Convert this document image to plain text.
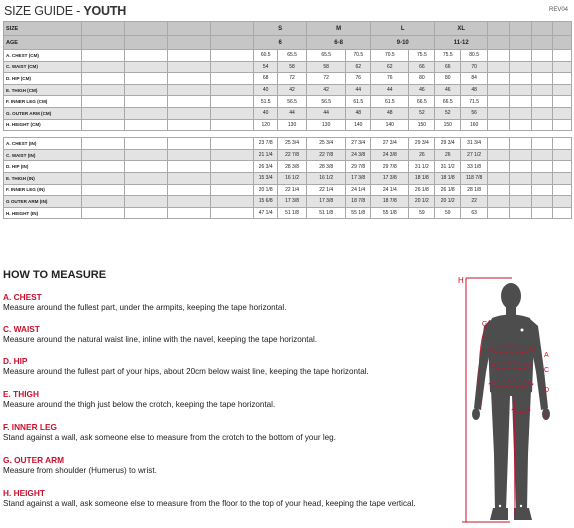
SIZE GUIDE - YOUTH	REV04
SIZE					S		M		L		XL					
AGE					6		6-8		9-10		11-12					
A. CHEST (CM)					60.5	65.5	65.5	70.5	70.5	75.5	75.5	80.5				
C. WAIST (CM)					54	58	58	62	62	66	66	70				
D. HIP (CM)					68	72	72	76	76	80	80	84				
E. THIGH (CM)					40	42	42	44	44	46	46	48				
F. INNER LEG (CM)					51.5	56.5	56.5	61.5	61.5	66.5	66.5	71.5				
G. OUTER ARM (CM)					40	44	44	48	48	52	52	56				
H. HEIGHT (CM)					120	130	130	140	140	150	150	160				

A. CHEST (IN)					23 7/8	25 3/4	25 3/4	27 3/4	27 3/4	29 3/4	29 3/4	31 3/4				
C. WAIST (IN)					21 1/4	22 7/8	22 7/8	24 3/8	24 3/8	26	26	27 1/2				
D. HIP (IN)					26 3/4	28 3/8	28 3/8	29 7/8	29 7/8	31 1/2	31 1/2	33 1/8				
E. THIGH (IN)					15 3/4	16 1/2	16 1/2	17 3/8	17 3/8	18 1/8	18 1/8	118 7/8				
F. INNER LEG (IN)					20 1/8	22 1/4	22 1/4	24 1/4	24 1/4	26 1/8	26 1/8	28 1/8				
G OUTER ARM (IN)					15 6/8	17 3/8	17 3/8	18 7/8	18 7/8	20 1/2	20 1/2	22				
H. HEIGHT (IN)					47 1/4	51 1/8	51 1/8	55 1/8	55 1/8	59	59	63				
HOW TO MEASURE
A. CHEST
Measure around the fullest part, under the armpits, keeping the tape horizontal.
C. WAIST
Measure around the natural waist line, inline with the navel, keeping the tape horizontal.
D. HIP
Measure around the fullest part of your hips, about 20cm below waist line, keeping the tape horizontal.
E. THIGH
Measure around the thigh just below the crotch, keeping the tape horizontal.
F. INNER LEG
Stand against a wall, ask someone else to measure from the crotch to the bottom of your leg.
G. OUTER ARM
Measure from shoulder (Humerus) to wrist.
H. HEIGHT
Stand against a wall, ask someone else to measure from the floor to the top of your head, keeping the tape vertical.
H
G
A
C
D
E
F
